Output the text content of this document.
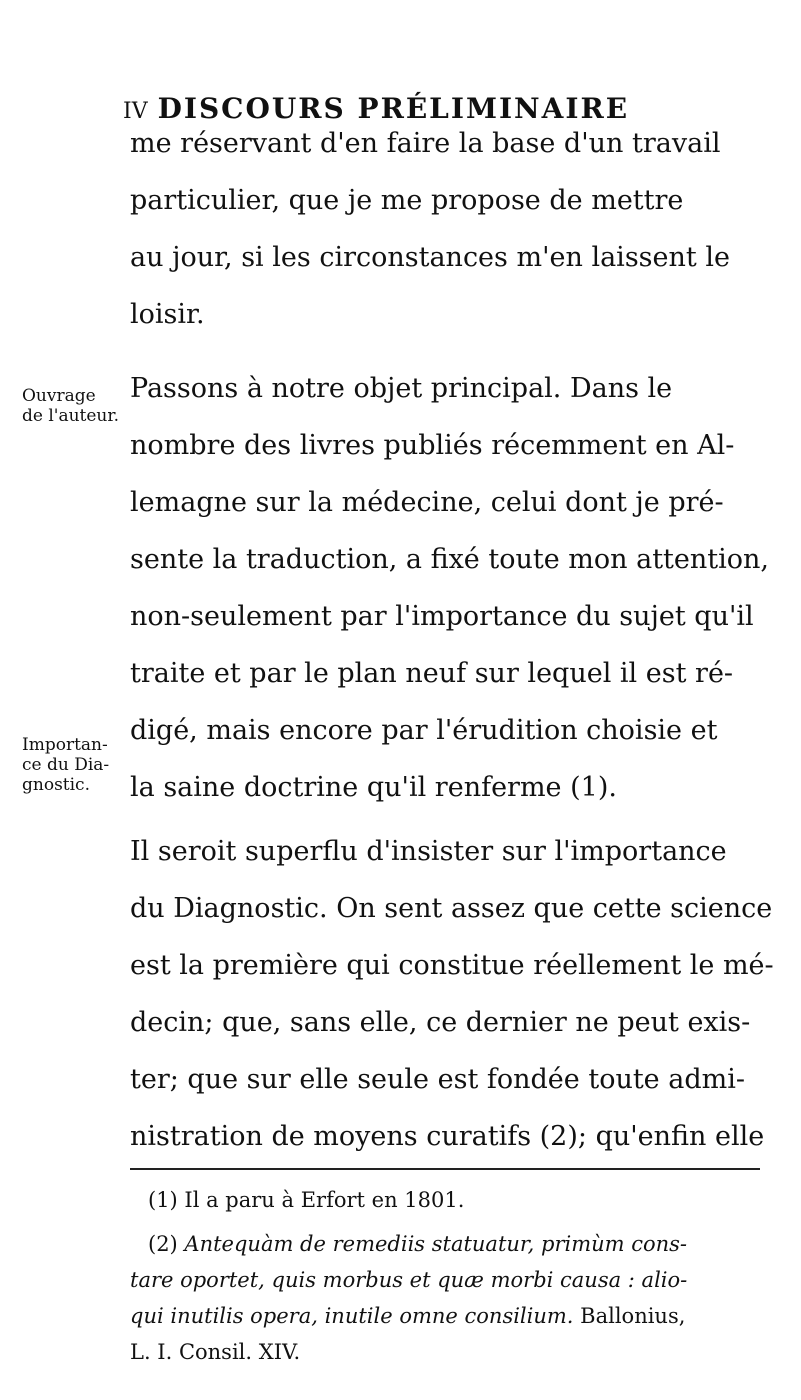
IV DISCOURS PRÉLIMINAIRE
Ouvrage
de l'auteur.
Importan-
ce du Dia-
gnostic.
me réservant d'en faire la base d'un travail
particulier, que je me propose de mettre
au jour, si les circonstances m'en laissent le
loisir.
Passons à notre objet principal. Dans le
nombre des livres publiés récemment en Al-
lemagne sur la médecine, celui dont je pré-
sente la traduction, a fixé toute mon attention,
non-seulement par l'importance du sujet qu'il
traite et par le plan neuf sur lequel il est ré-
digé, mais encore par l'érudition choisie et
la saine doctrine qu'il renferme (1).
Il seroit superflu d'insister sur l'importance
du Diagnostic. On sent assez que cette science
est la première qui constitue réellement le mé-
decin; que, sans elle, ce dernier ne peut exis-
ter; que sur elle seule est fondée toute admi-
nistration de moyens curatifs (2); qu'enfin elle
(1) Il a paru à Erfort en 1801.
(2) Antequàm de remediis statuatur, primùm cons-
tare oportet, quis morbus et quæ morbi causa : alio-
qui inutilis opera, inutile omne consilium. Ballonius,
L. I. Consil. XIV.
